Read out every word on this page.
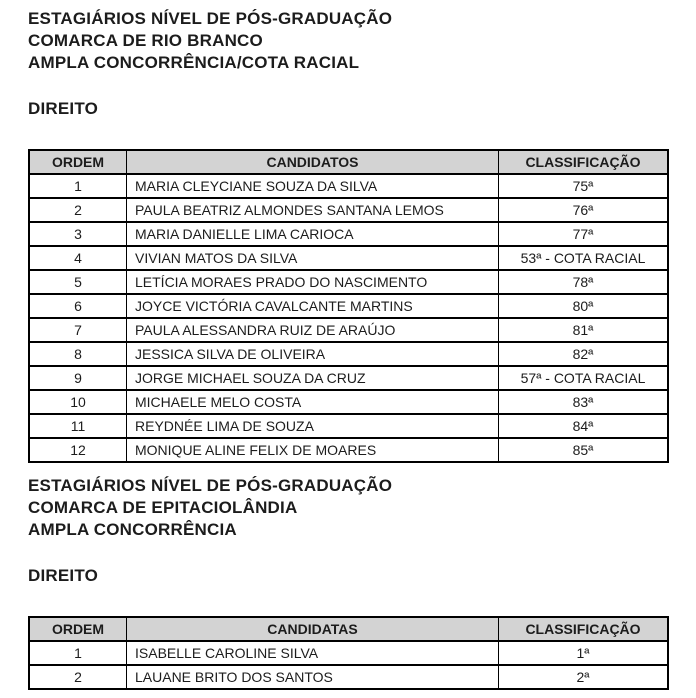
ESTAGIÁRIOS NÍVEL DE PÓS-GRADUAÇÃO
COMARCA DE RIO BRANCO
AMPLA CONCORRÊNCIA/COTA RACIAL
DIREITO
ORDEM	CANDIDATOS	CLASSIFICAÇÃO
1	MARIA CLEYCIANE SOUZA DA SILVA	75ª
2	PAULA BEATRIZ ALMONDES SANTANA LEMOS	76ª
3	MARIA DANIELLE LIMA CARIOCA	77ª
4	VIVIAN MATOS DA SILVA	53ª - COTA RACIAL
5	LETÍCIA MORAES PRADO DO NASCIMENTO	78ª
6	JOYCE VICTÓRIA CAVALCANTE MARTINS	80ª
7	PAULA ALESSANDRA RUIZ DE ARAÚJO	81ª
8	JESSICA SILVA DE OLIVEIRA	82ª
9	JORGE MICHAEL SOUZA DA CRUZ	57ª - COTA RACIAL
10	MICHAELE MELO COSTA	83ª
11	REYDNÉE LIMA DE SOUZA	84ª
12	MONIQUE ALINE FELIX DE MOARES	85ª
ESTAGIÁRIOS NÍVEL DE PÓS-GRADUAÇÃO
COMARCA DE EPITACIOLÂNDIA
AMPLA CONCORRÊNCIA
DIREITO
ORDEM	CANDIDATAS	CLASSIFICAÇÃO
1	ISABELLE CAROLINE SILVA	1ª
2	LAUANE BRITO DOS SANTOS	2ª
